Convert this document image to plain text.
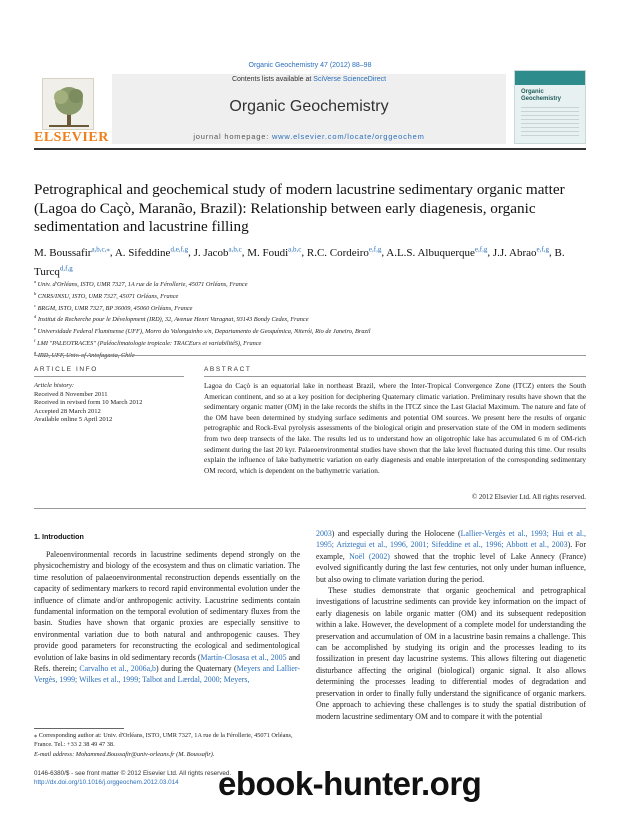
Organic Geochemistry 47 (2012) 88–98
ELSEVIER
Contents lists available at SciVerse ScienceDirect
Organic Geochemistry
journal homepage: www.elsevier.com/locate/orggeochem
Organic Geochemistry
Petrographical and geochemical study of modern lacustrine sedimentary organic matter (Lagoa do Caçò, Maranão, Brazil): Relationship between early diagenesis, organic sedimentation and lacustrine filling
M. Boussafir$^{a,b,c,⁎}$, A. Sifeddine$^{d,e,f,g}$, J. Jacob$^{a,b,c}$, M. Foudi$^{a,b,c}$, R.C. Cordeiro$^{e,f,g}$, A.L.S. Albuquerque$^{e,f,g}$, J.J. Abrao$^{e,f,g}$, B. Turcq$^{d,f,g}$
$^a$ Univ. d'Orléans, ISTO, UMR 7327, 1A rue de la Férollerie, 45071 Orléans, France
$^b$ CNRS/INSU, ISTO, UMR 7327, 45071 Orléans, France
$^c$ BRGM, ISTO, UMR 7327, BP 36009, 45060 Orléans, France
$^d$ Institut de Recherche pour le Dévelopment (IRD), 32, Avenue Henri Varagnat, 93143 Bondy Cedex, France
$^e$ Universidade Federal Fluminense (UFF), Morro do Valonguinho s/n, Departamento de Geoquímica, Niterói, Rio de Janeiro, Brazil
$^f$ LMI "PALEOTRACES" (Paléoclimatologie tropicale: TRACEurs et variabilitéS), France
$^g$
ARTICLE INFO
Article history:
Received 8 November 2011
Received in revised form 10 March 2012
Accepted 28 March 2012
Available online 5 April 2012
ABSTRACT
Lagoa do Caçò is an equatorial lake in northeast Brazil, where the Inter-Tropical Convergence Zone (ITCZ) enters the South American continent, and so at a key position for deciphering Quaternary climatic variation. Preliminary results have shown that the sedimentary organic matter (OM) in the lake records the shifts in the ITCZ since the Last Glacial Maximum. The nature and fate of the OM have been determined by studying surface sediments and potential OM sources. We present here the results of organic petrographic and Rock-Eval pyrolysis assessments of the biological origin and preservation state of the OM in modern sediments from two deep transects of the lake. The results led us to understand how an oligotrophic lake has accumulated 6 m of OM-rich sediment during the last 20 kyr. Palaeoenvironmental studies have shown that the lake level fluctuated during this time. Our results explain the influence of lake bathymetric variation on early diagenesis and enable interpretation of the corresponding sedimentary OM record, which is dependent on the bathymetric variation.
© 2012 Elsevier Ltd. All rights reserved.
1. Introduction

Paleoenvironmental records in lacustrine sediments depend strongly on the physicochemistry and biology of the ecosystem and thus on climatic variation. The time resolution of palaeoenvironmental reconstruction depends essentially on the capacity of sedimentary markers to record rapid environmental evolution under the influence of climate and/or anthropogenic activity. Lacustrine sediments contain fundamental information on the temporal evolution of sedimentary fluxes from the basin. Studies have shown that organic proxies are especially sensitive to environmental variation due to both natural and anthropogenic causes. They provide good parameters for reconstructing the ecological and sedimentological evolution of lake basins in old sedimentary records (Martín-Closasa et al., 2005 and Refs. therein; Carvalho et al., 2006a,b) during the Quaternary (Meyers and Lallier-Vergès, 1999; Wilkes et al., 1999; Talbot and Lærdal, 2000; Meyers,

2003) and especially during the Holocene (Lallier-Vergès et al., 1993; Hui et al., 1995; Ariztegui et al., 1996, 2001; Sifeddine et al., 1996; Abbott et al., 2003). For example, Noël (2002) showed that the trophic level of Lake Annecy (France) evolved significantly during the last few centuries, not only under human influence, but also owing to climate variation during the period.

These studies demonstrate that organic geochemical and petrographical investigations of lacustrine sediments can provide key information on the impact of early diagenesis on labile organic matter (OM) and its subsequent redeposition within a lake. However, the development of a complete model for understanding the preservation and accumulation of OM in a lacustrine basin remains a challenge. This can be accomplished by studying its origin and the processes leading to its fossilization in present day lacustrine systems. This allows filtering out diagenetic disturbance affecting the original (biological) organic signal. It also allows determining the processes leading to differential modes of degradation and preservation in order to finally fully understand the significance of organic markers. One approach to achieving these challenges is to study the spatial distribution of modern lacustrine sedimentary OM and to compare it with the potential

⁎ Corresponding author at: Univ. d'Orléans, ISTO, UMR 7327, 1A rue de la Férollerie, 45071 Orléans, France. Tel.: +33 2 38 49 47 38.
E-mail address: Mohammed.Boussafir@univ-orleans.fr (M. Boussafir).
0146-6380/$ - see front matter © 2012 Elsevier Ltd. All rights reserved.
http://dx.doi.org/10.1016/j.orggeochem.2012.03.014	ebook-hunter.org
